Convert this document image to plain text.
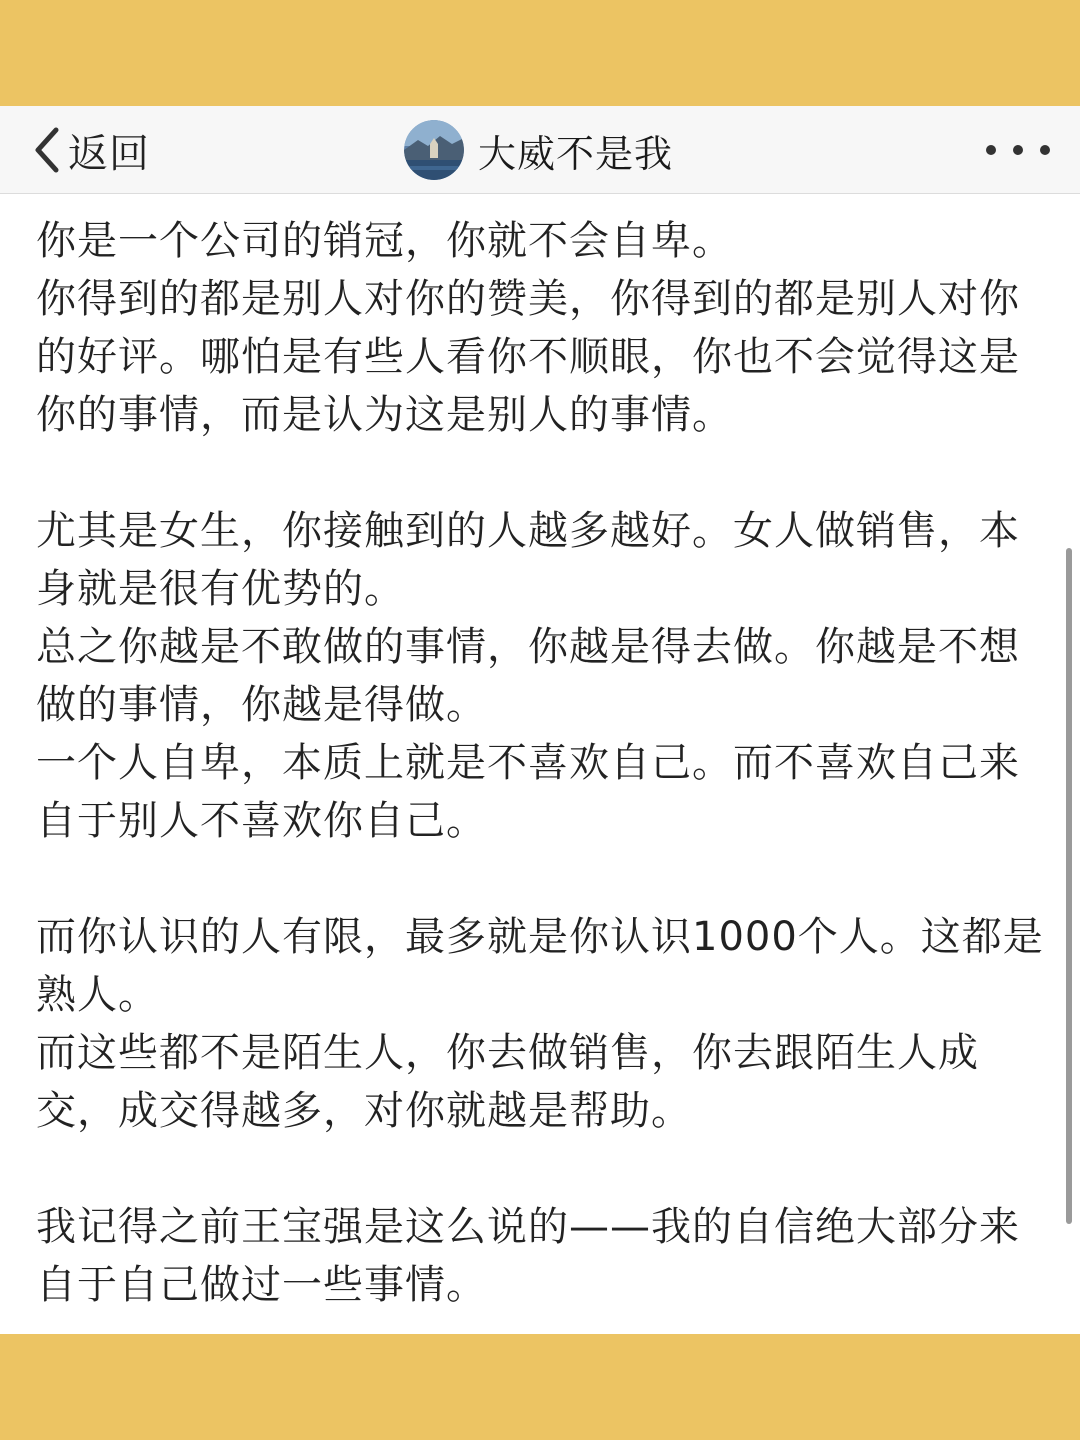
返回	大威不是我
你是一个公司的销冠，你就不会自卑。
你得到的都是别人对你的赞美，你得到的都是别人对你
的好评。哪怕是有些人看你不顺眼，你也不会觉得这是
你的事情，而是认为这是别人的事情。
尤其是女生，你接触到的人越多越好。女人做销售，本
身就是很有优势的。
总之你越是不敢做的事情，你越是得去做。你越是不想
做的事情，你越是得做。
一个人自卑，本质上就是不喜欢自己。而不喜欢自己来
自于别人不喜欢你自己。
而你认识的人有限，最多就是你认识1000个人。这都是
熟人。
而这些都不是陌生人，你去做销售，你去跟陌生人成
交，成交得越多，对你就越是帮助。
我记得之前王宝强是这么说的——我的自信绝大部分来
自于自己做过一些事情。
